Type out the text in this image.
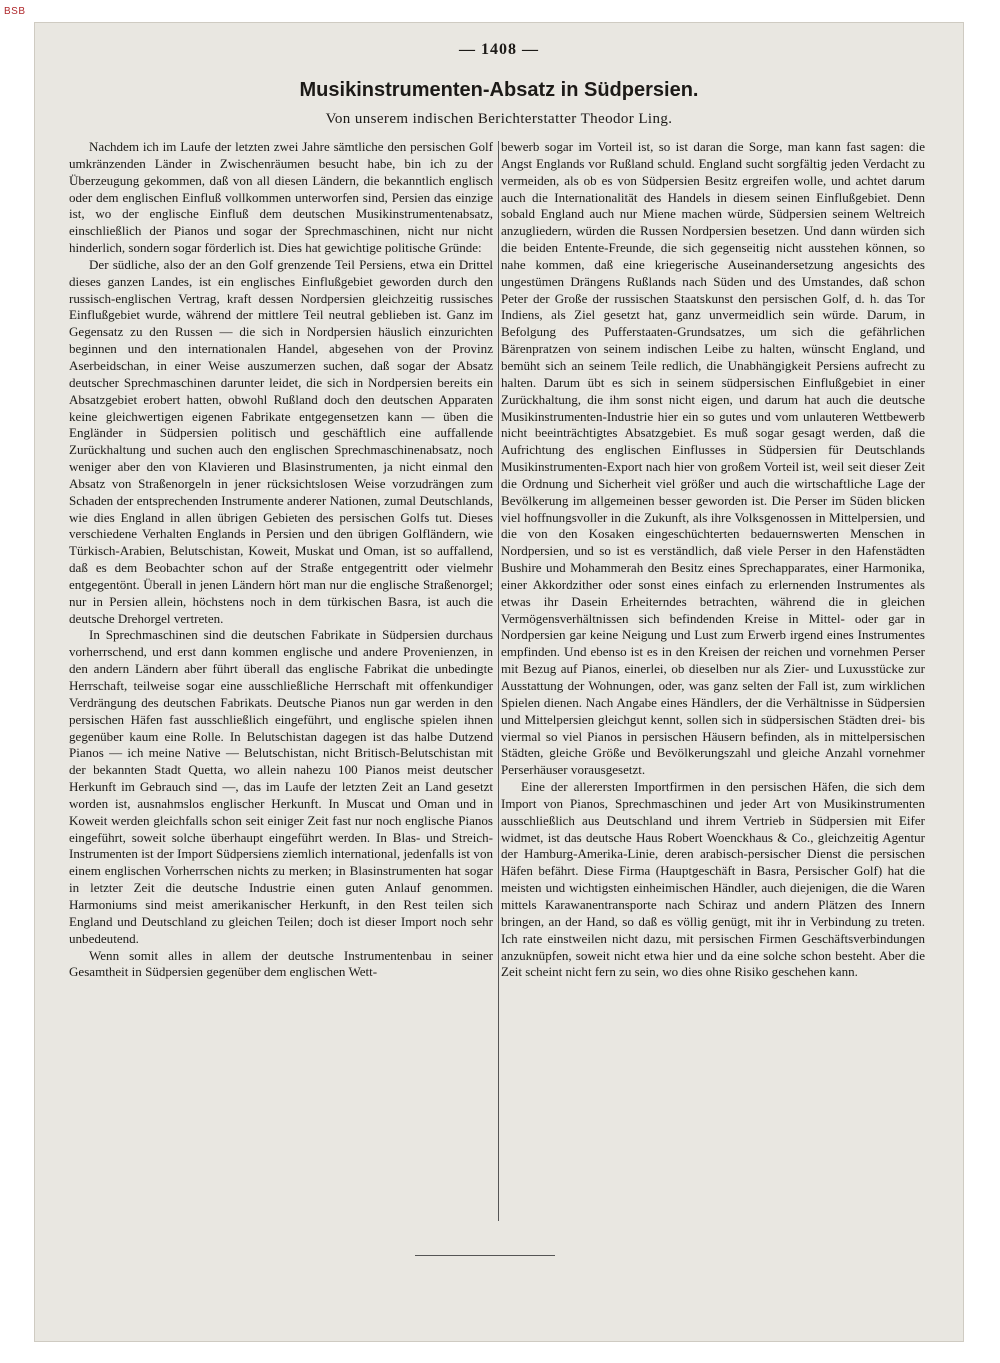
BSB
— 1408 —
Musikinstrumenten-Absatz in Südpersien.
Von unserem indischen Berichterstatter Theodor Ling.

Nachdem ich im Laufe der letzten zwei Jahre sämtliche den persischen Golf umkränzenden Länder in Zwischenräumen besucht habe, bin ich zu der Überzeugung gekommen, daß von all diesen Ländern, die bekanntlich englisch oder dem englischen Einfluß vollkommen unterworfen sind, Persien das einzige ist, wo der englische Einfluß dem deutschen Musikinstrumentenabsatz, einschließlich der Pianos und sogar der Sprechmaschinen, nicht nur nicht hinderlich, sondern sogar förderlich ist. Dies hat gewichtige politische Gründe:

Der südliche, also der an den Golf grenzende Teil Persiens, etwa ein Drittel dieses ganzen Landes, ist ein englisches Einflußgebiet geworden durch den russisch-englischen Vertrag, kraft dessen Nordpersien gleichzeitig russisches Einflußgebiet wurde, während der mittlere Teil neutral geblieben ist. Ganz im Gegensatz zu den Russen — die sich in Nordpersien häuslich einzurichten beginnen und den internationalen Handel, abgesehen von der Provinz Aserbeidschan, in einer Weise auszumerzen suchen, daß sogar der Absatz deutscher Sprechmaschinen darunter leidet, die sich in Nordpersien bereits ein Absatzgebiet erobert hatten, obwohl Rußland doch den deutschen Apparaten keine gleichwertigen eigenen Fabrikate entgegensetzen kann — üben die Engländer in Südpersien politisch und geschäftlich eine auffallende Zurückhaltung und suchen auch den englischen Sprechmaschinenabsatz, noch weniger aber den von Klavieren und Blasinstrumenten, ja nicht einmal den Absatz von Straßenorgeln in jener rücksichtslosen Weise vorzudrängen zum Schaden der entsprechenden Instrumente anderer Nationen, zumal Deutschlands, wie dies England in allen übrigen Gebieten des persischen Golfs tut. Dieses verschiedene Verhalten Englands in Persien und den übrigen Golfländern, wie Türkisch-Arabien, Belutschistan, Koweit, Muskat und Oman, ist so auffallend, daß es dem Beobachter schon auf der Straße entgegentritt oder vielmehr entgegentönt. Überall in jenen Ländern hört man nur die englische Straßenorgel; nur in Persien allein, höchstens noch in dem türkischen Basra, ist auch die deutsche Drehorgel vertreten.

In Sprechmaschinen sind die deutschen Fabrikate in Südpersien durchaus vorherrschend, und erst dann kommen englische und andere Provenienzen, in den andern Ländern aber führt überall das englische Fabrikat die unbedingte Herrschaft, teilweise sogar eine ausschließliche Herrschaft mit offenkundiger Verdrängung des deutschen Fabrikats. Deutsche Pianos nun gar werden in den persischen Häfen fast ausschließlich eingeführt, und englische spielen ihnen gegenüber kaum eine Rolle. In Belutschistan dagegen ist das halbe Dutzend Pianos — ich meine Native — Belutschistan, nicht Britisch-Belutschistan mit der bekannten Stadt Quetta, wo allein nahezu 100 Pianos meist deutscher Herkunft im Gebrauch sind —, das im Laufe der letzten Zeit an Land gesetzt worden ist, ausnahmslos englischer Herkunft. In Muscat und Oman und in Koweit werden gleichfalls schon seit einiger Zeit fast nur noch englische Pianos eingeführt, soweit solche überhaupt eingeführt werden. In Blas- und Streich-Instrumenten ist der Import Südpersiens ziemlich international, jedenfalls ist von einem englischen Vorherrschen nichts zu merken; in Blasinstrumenten hat sogar in letzter Zeit die deutsche Industrie einen guten Anlauf genommen. Harmoniums sind meist amerikanischer Herkunft, in den Rest teilen sich England und Deutschland zu gleichen Teilen; doch ist dieser Import noch sehr unbedeutend.

Wenn somit alles in allem der deutsche Instrumentenbau in seiner Gesamtheit in Südpersien gegenüber dem englischen Wett-

bewerb sogar im Vorteil ist, so ist daran die Sorge, man kann fast sagen: die Angst Englands vor Rußland schuld. England sucht sorgfältig jeden Verdacht zu vermeiden, als ob es von Südpersien Besitz ergreifen wolle, und achtet darum auch die Internationalität des Handels in diesem seinen Einflußgebiet. Denn sobald England auch nur Miene machen würde, Südpersien seinem Weltreich anzugliedern, würden die Russen Nordpersien besetzen. Und dann würden sich die beiden Entente-Freunde, die sich gegenseitig nicht ausstehen können, so nahe kommen, daß eine kriegerische Auseinandersetzung angesichts des ungestümen Drängens Rußlands nach Süden und des Umstandes, daß schon Peter der Große der russischen Staatskunst den persischen Golf, d. h. das Tor Indiens, als Ziel gesetzt hat, ganz unvermeidlich sein würde. Darum, in Befolgung des Pufferstaaten-Grundsatzes, um sich die gefährlichen Bärenpratzen von seinem indischen Leibe zu halten, wünscht England, und bemüht sich an seinem Teile redlich, die Unabhängigkeit Persiens aufrecht zu halten. Darum übt es sich in seinem südpersischen Einflußgebiet in einer Zurückhaltung, die ihm sonst nicht eigen, und darum hat auch die deutsche Musikinstrumenten-Industrie hier ein so gutes und vom unlauteren Wettbewerb nicht beeinträchtigtes Absatzgebiet. Es muß sogar gesagt werden, daß die Aufrichtung des englischen Einflusses in Südpersien für Deutschlands Musikinstrumenten-Export nach hier von großem Vorteil ist, weil seit dieser Zeit die Ordnung und Sicherheit viel größer und auch die wirtschaftliche Lage der Bevölkerung im allgemeinen besser geworden ist. Die Perser im Süden blicken viel hoffnungsvoller in die Zukunft, als ihre Volksgenossen in Mittelpersien, und die von den Kosaken eingeschüchterten bedauernswerten Menschen in Nordpersien, und so ist es verständlich, daß viele Perser in den Hafenstädten Bushire und Mohammerah den Besitz eines Sprechapparates, einer Harmonika, einer Akkordzither oder sonst eines einfach zu erlernenden Instrumentes als etwas ihr Dasein Erheiterndes betrachten, während die in gleichen Vermögensverhältnissen sich befindenden Kreise in Mittel- oder gar in Nordpersien gar keine Neigung und Lust zum Erwerb irgend eines Instrumentes empfinden. Und ebenso ist es in den Kreisen der reichen und vornehmen Perser mit Bezug auf Pianos, einerlei, ob dieselben nur als Zier- und Luxusstücke zur Ausstattung der Wohnungen, oder, was ganz selten der Fall ist, zum wirklichen Spielen dienen. Nach Angabe eines Händlers, der die Verhältnisse in Südpersien und Mittelpersien gleichgut kennt, sollen sich in südpersischen Städten drei- bis viermal so viel Pianos in persischen Häusern befinden, als in mittelpersischen Städten, gleiche Größe und Bevölkerungszahl und gleiche Anzahl vornehmer Perserhäuser vorausgesetzt.

Eine der allerersten Importfirmen in den persischen Häfen, die sich dem Import von Pianos, Sprechmaschinen und jeder Art von Musikinstrumenten ausschließlich aus Deutschland und ihrem Vertrieb in Südpersien mit Eifer widmet, ist das deutsche Haus Robert Woenckhaus & Co., gleichzeitig Agentur der Hamburg-Amerika-Linie, deren arabisch-persischer Dienst die persischen Häfen befährt. Diese Firma (Hauptgeschäft in Basra, Persischer Golf) hat die meisten und wichtigsten einheimischen Händler, auch diejenigen, die die Waren mittels Karawanentransporte nach Schiraz und andern Plätzen des Innern bringen, an der Hand, so daß es völlig genügt, mit ihr in Verbindung zu treten. Ich rate einstweilen nicht dazu, mit persischen Firmen Geschäftsverbindungen anzuknüpfen, soweit nicht etwa hier und da eine solche schon besteht. Aber die Zeit scheint nicht fern zu sein, wo dies ohne Risiko geschehen kann.
